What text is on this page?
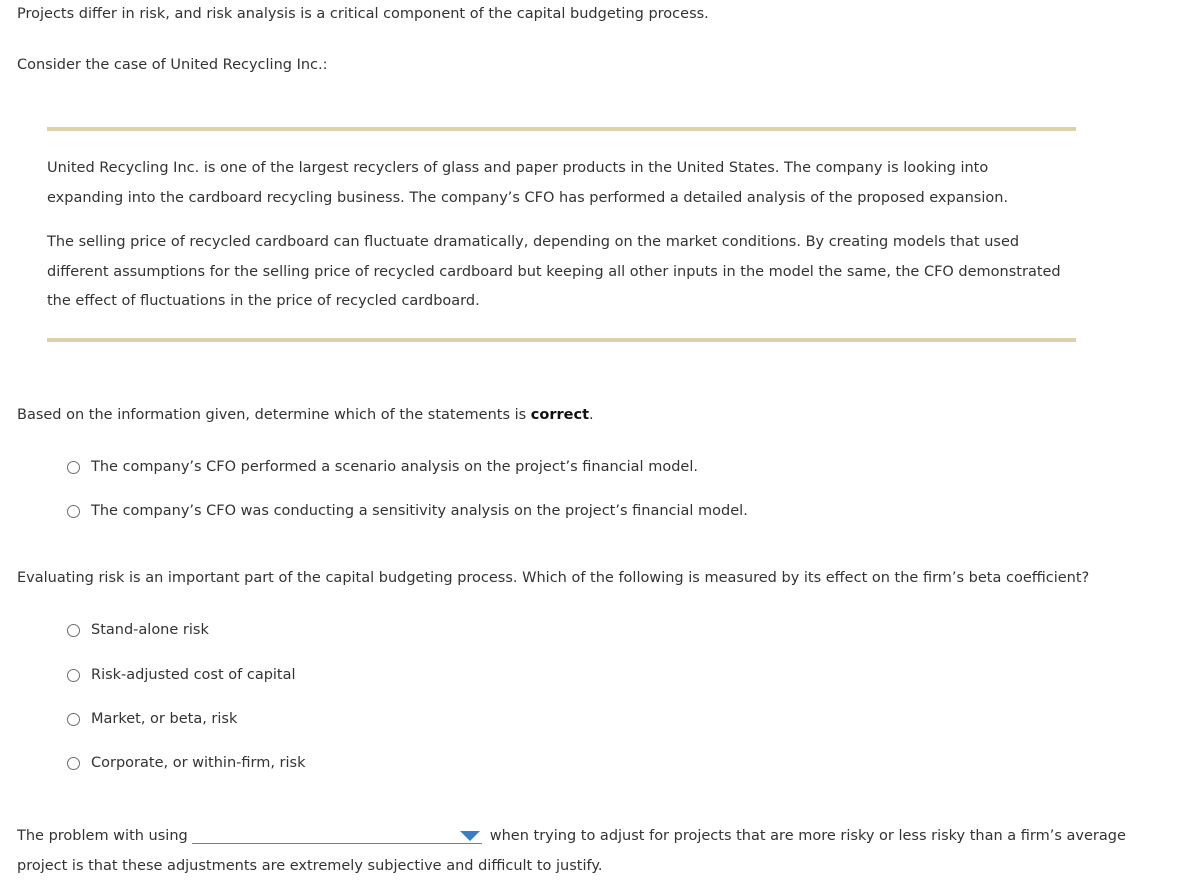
Projects differ in risk, and risk analysis is a critical component of the capital budgeting process.
Consider the case of United Recycling Inc.:
United Recycling Inc. is one of the largest recyclers of glass and paper products in the United States. The company is looking into expanding into the cardboard recycling business. The company’s CFO has performed a detailed analysis of the proposed expansion.
The selling price of recycled cardboard can fluctuate dramatically, depending on the market conditions. By creating models that used different assumptions for the selling price of recycled cardboard but keeping all other inputs in the model the same, the CFO demonstrated the effect of fluctuations in the price of recycled cardboard.
Based on the information given, determine which of the statements is correct.
The company’s CFO performed a scenario analysis on the project’s financial model.
The company’s CFO was conducting a sensitivity analysis on the project’s financial model.
Evaluating risk is an important part of the capital budgeting process. Which of the following is measured by its effect on the firm’s beta coefficient?
Stand-alone risk
Risk-adjusted cost of capital
Market, or beta, risk
Corporate, or within-firm, risk
The problem with using	when trying to adjust for projects that are more risky or less risky than a firm’s average project is that these adjustments are extremely subjective and difficult to justify.
